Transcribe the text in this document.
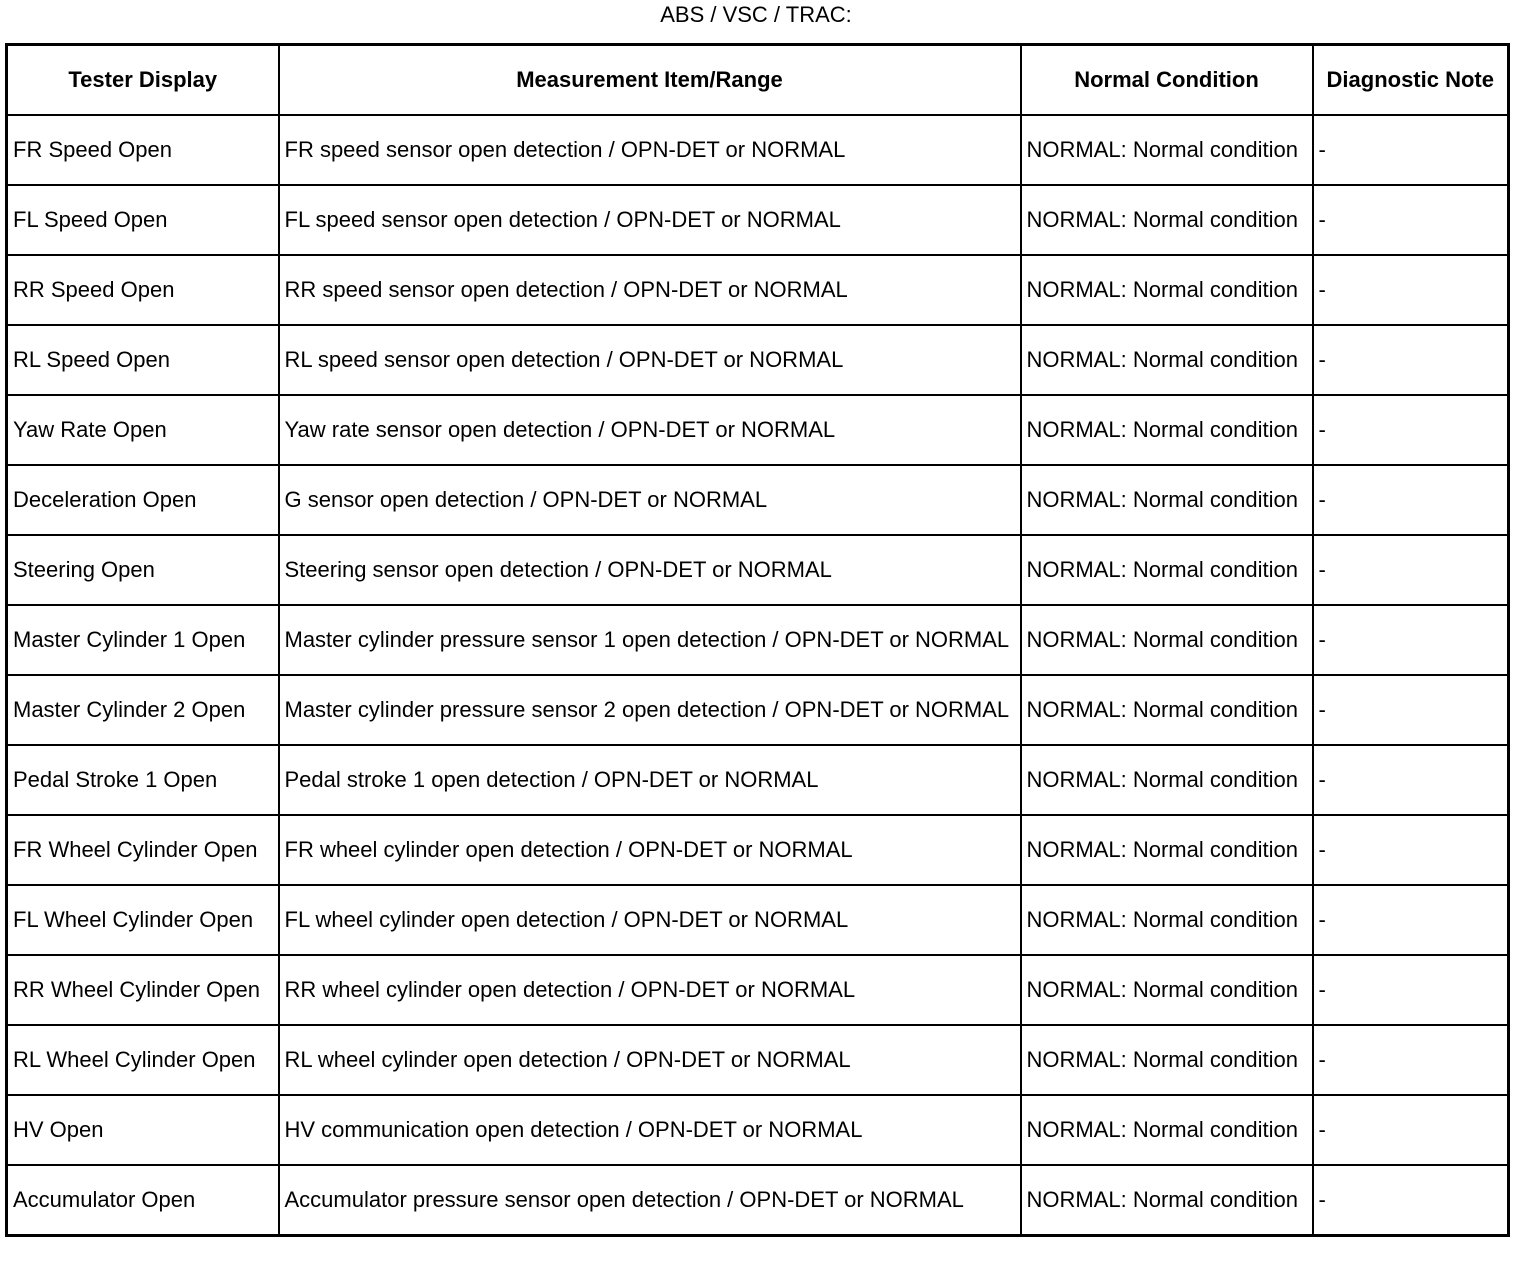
ABS / VSC / TRAC:
Tester Display	Measurement Item/Range	Normal Condition	Diagnostic Note
FR Speed Open	FR speed sensor open detection / OPN-DET or NORMAL	NORMAL: Normal condition	-
FL Speed Open	FL speed sensor open detection / OPN-DET or NORMAL	NORMAL: Normal condition	-
RR Speed Open	RR speed sensor open detection / OPN-DET or NORMAL	NORMAL: Normal condition	-
RL Speed Open	RL speed sensor open detection / OPN-DET or NORMAL	NORMAL: Normal condition	-
Yaw Rate Open	Yaw rate sensor open detection / OPN-DET or NORMAL	NORMAL: Normal condition	-
Deceleration Open	G sensor open detection / OPN-DET or NORMAL	NORMAL: Normal condition	-
Steering Open	Steering sensor open detection / OPN-DET or NORMAL	NORMAL: Normal condition	-
Master Cylinder 1 Open	Master cylinder pressure sensor 1 open detection / OPN-DET or NORMAL	NORMAL: Normal condition	-
Master Cylinder 2 Open	Master cylinder pressure sensor 2 open detection / OPN-DET or NORMAL	NORMAL: Normal condition	-
Pedal Stroke 1 Open	Pedal stroke 1 open detection / OPN-DET or NORMAL	NORMAL: Normal condition	-
FR Wheel Cylinder Open	FR wheel cylinder open detection / OPN-DET or NORMAL	NORMAL: Normal condition	-
FL Wheel Cylinder Open	FL wheel cylinder open detection / OPN-DET or NORMAL	NORMAL: Normal condition	-
RR Wheel Cylinder Open	RR wheel cylinder open detection / OPN-DET or NORMAL	NORMAL: Normal condition	-
RL Wheel Cylinder Open	RL wheel cylinder open detection / OPN-DET or NORMAL	NORMAL: Normal condition	-
HV Open	HV communication open detection / OPN-DET or NORMAL	NORMAL: Normal condition	-
Accumulator Open	Accumulator pressure sensor open detection / OPN-DET or NORMAL	NORMAL: Normal condition	-
